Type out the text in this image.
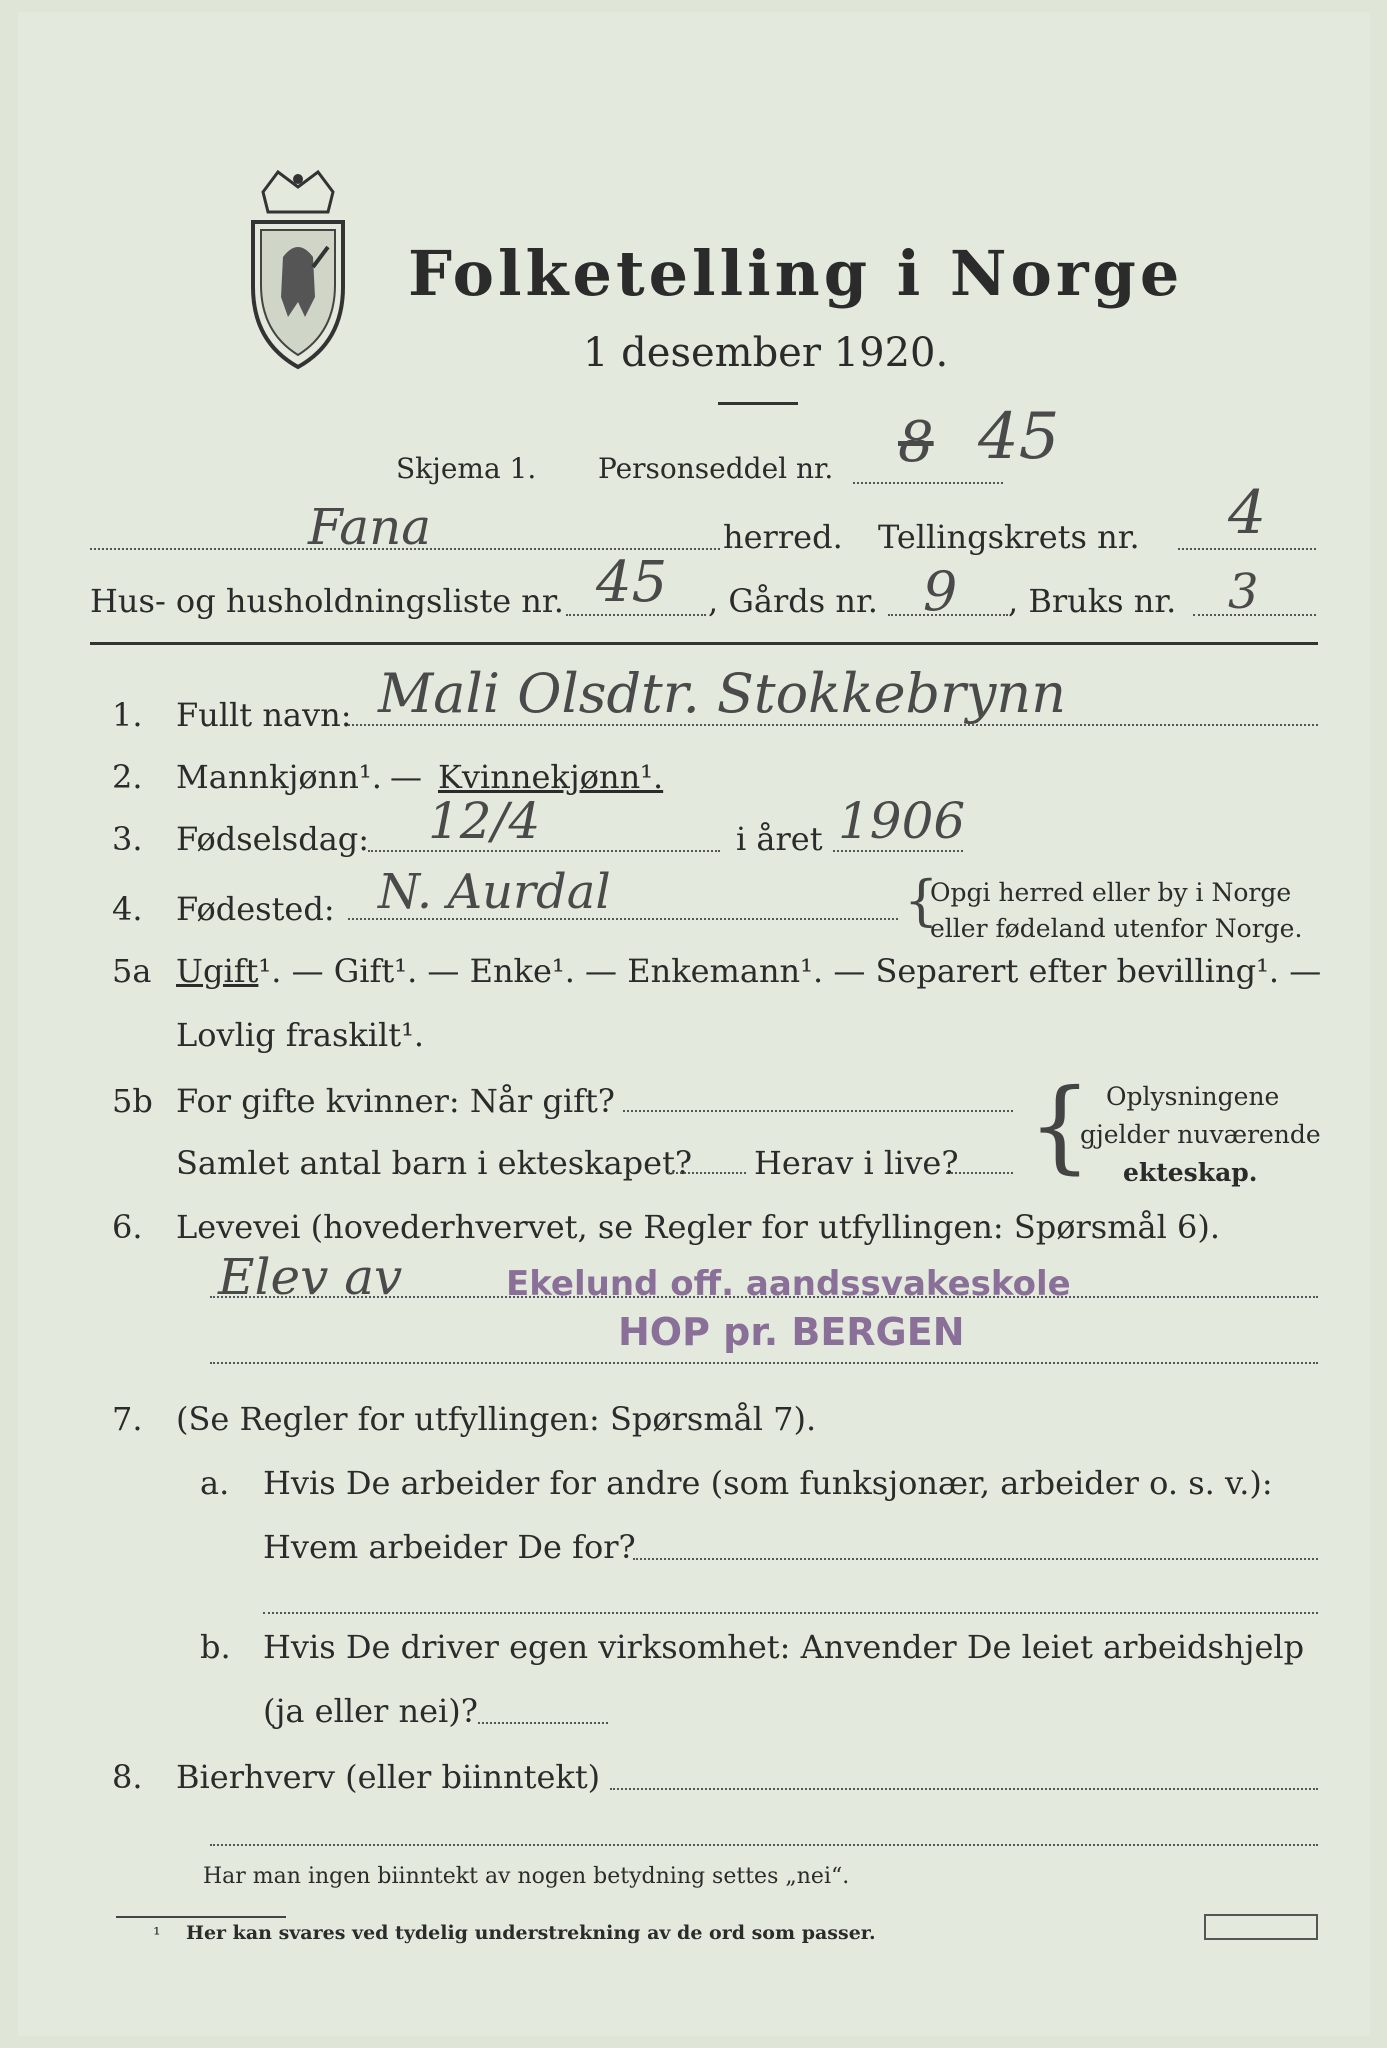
Folketelling i Norge
1 desember 1920.
Skjema 1. Personseddel nr. 8 45
Fana	herred. Tellingskrets nr. 4
Hus- og husholdningsliste nr. 45 , Gårds nr. 9 , Bruks nr. 3
1. Fullt navn: Mali Olsdtr. Stokkebrynn
2. Mannkjønn¹. — Kvinnekjønn¹.
3. Fødselsdag: 12/4	i året 1906
4. Fødested: N. Aurdal	{
Opgi herred eller by i Norge
eller fødeland utenfor Norge.
5a Ugift¹. — Gift¹. — Enke¹. — Enkemann¹. — Separert efter bevilling¹. —
Lovlig fraskilt¹.
5b For gifte kvinner: Når gift?
Samlet antal barn i ekteskapet? Herav i live? { Oplysningene
gjelder nuværende
ekteskap.
6. Levevei (hovederhvervet, se Regler for utfyllingen: Spørsmål 6).
Elev av	Ekelund off. aandssvakeskole
HOP pr. BERGEN
7. (Se Regler for utfyllingen: Spørsmål 7).
a. Hvis De arbeider for andre (som funksjonær, arbeider o. s. v.):
Hvem arbeider De for?
b. Hvis De driver egen virksomhet: Anvender De leiet arbeidshjelp
(ja eller nei)?
8. Bierhverv (eller biinntekt)
Har man ingen biinntekt av nogen betydning settes „nei“.
¹ Her kan svares ved tydelig understrekning av de ord som passer.
